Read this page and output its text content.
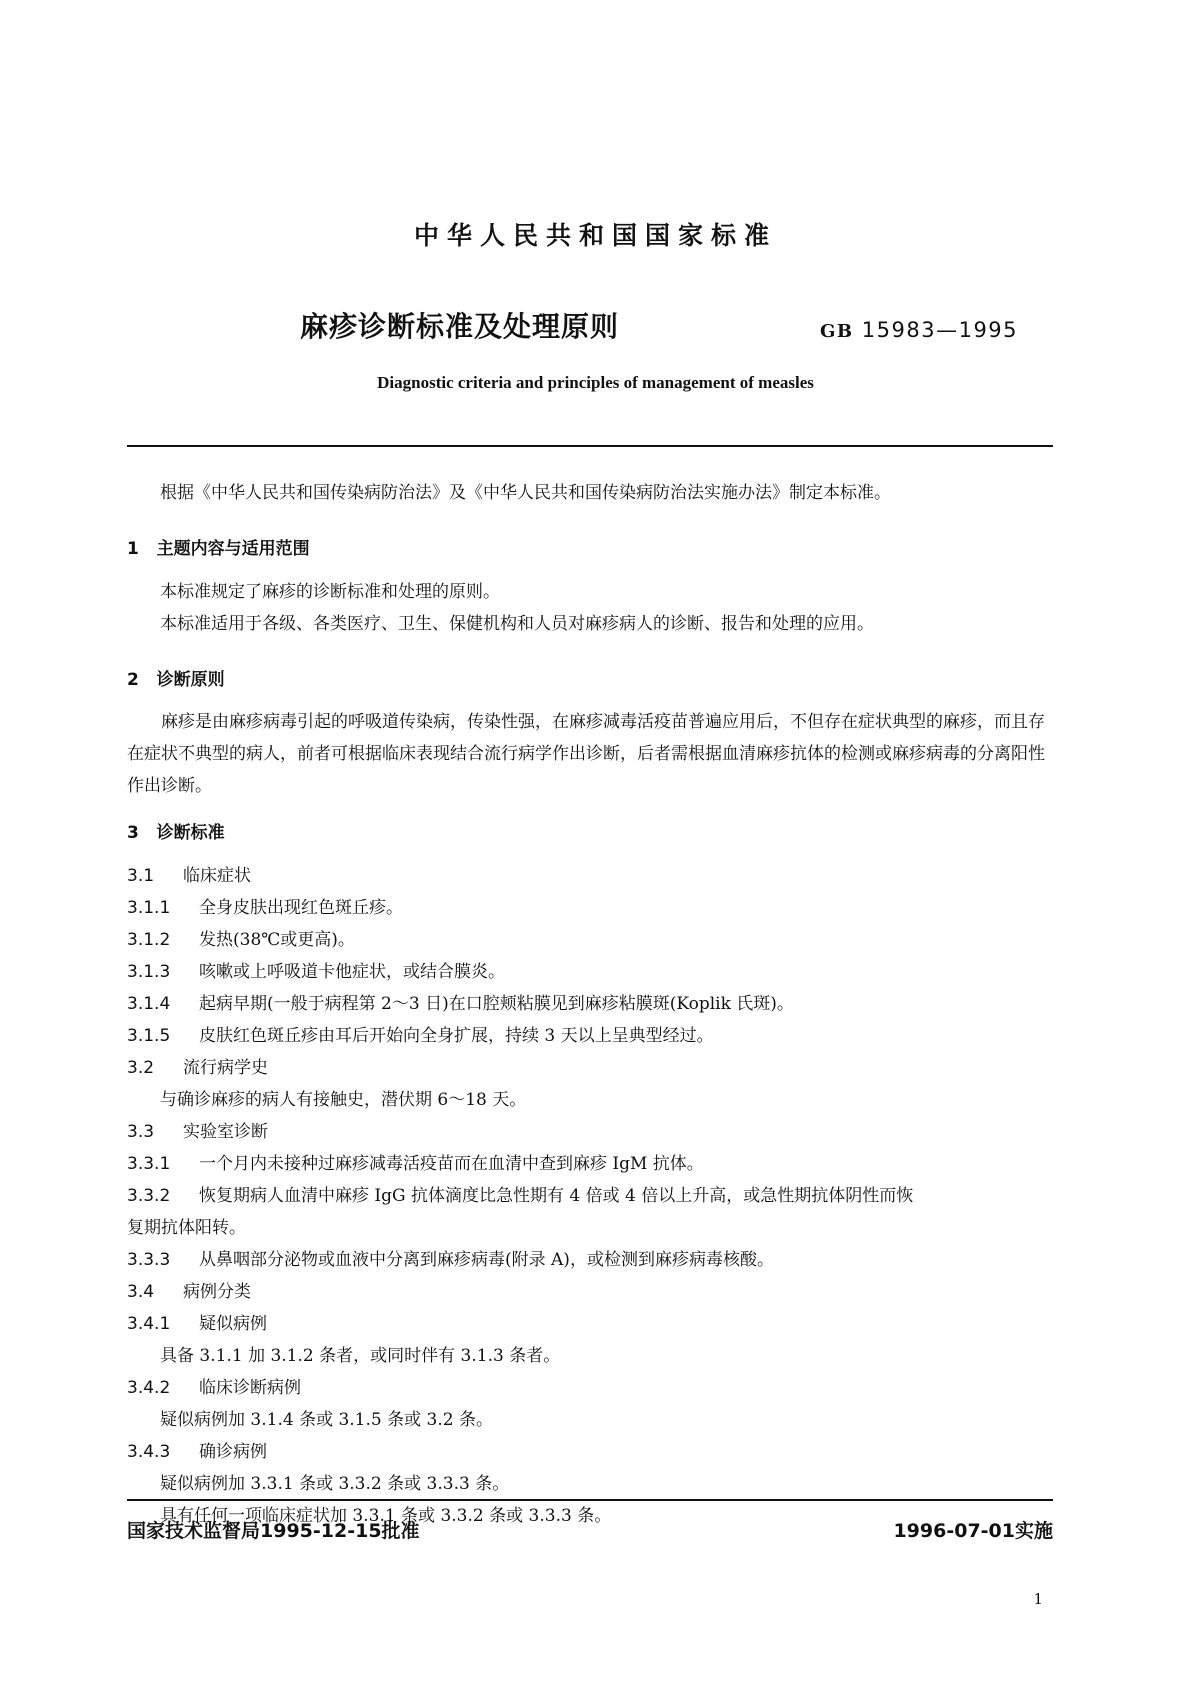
中华人民共和国国家标准
麻疹诊断标准及处理原则	GB 15983—1995
Diagnostic criteria and principles of management of measles
根据《中华人民共和国传染病防治法》及《中华人民共和国传染病防治法实施办法》制定本标准。
1 主题内容与适用范围
本标准规定了麻疹的诊断标准和处理的原则。
本标准适用于各级、各类医疗、卫生、保健机构和人员对麻疹病人的诊断、报告和处理的应用。
2 诊断原则
麻疹是由麻疹病毒引起的呼吸道传染病，传染性强，在麻疹减毒活疫苗普遍应用后，不但存在症状典型的麻疹，而且存在症状不典型的病人，前者可根据临床表现结合流行病学作出诊断，后者需根据血清麻疹抗体的检测或麻疹病毒的分离阳性作出诊断。
3 诊断标准
3.1 临床症状
3.1.1 全身皮肤出现红色斑丘疹。
3.1.2 发热(38℃或更高)。
3.1.3 咳嗽或上呼吸道卡他症状，或结合膜炎。
3.1.4 起病早期(一般于病程第 2～3 日)在口腔颊粘膜见到麻疹粘膜斑(Koplik 氏斑)。
3.1.5 皮肤红色斑丘疹由耳后开始向全身扩展，持续 3 天以上呈典型经过。
3.2 流行病学史
与确诊麻疹的病人有接触史，潜伏期 6～18 天。
3.3 实验室诊断
3.3.1 一个月内未接种过麻疹减毒活疫苗而在血清中查到麻疹 IgM 抗体。
3.3.2 恢复期病人血清中麻疹 IgG 抗体滴度比急性期有 4 倍或 4 倍以上升高，或急性期抗体阴性而恢
复期抗体阳转。
3.3.3 从鼻咽部分泌物或血液中分离到麻疹病毒(附录 A)，或检测到麻疹病毒核酸。
3.4 病例分类
3.4.1 疑似病例
具备 3.1.1 加 3.1.2 条者，或同时伴有 3.1.3 条者。
3.4.2 临床诊断病例
疑似病例加 3.1.4 条或 3.1.5 条或 3.2 条。
3.4.3 确诊病例
疑似病例加 3.3.1 条或 3.3.2 条或 3.3.3 条。
具有任何一项临床症状加 3.3.1 条或 3.3.2 条或 3.3.3 条。
国家技术监督局1995-12-15批准	1996-07-01实施
1
